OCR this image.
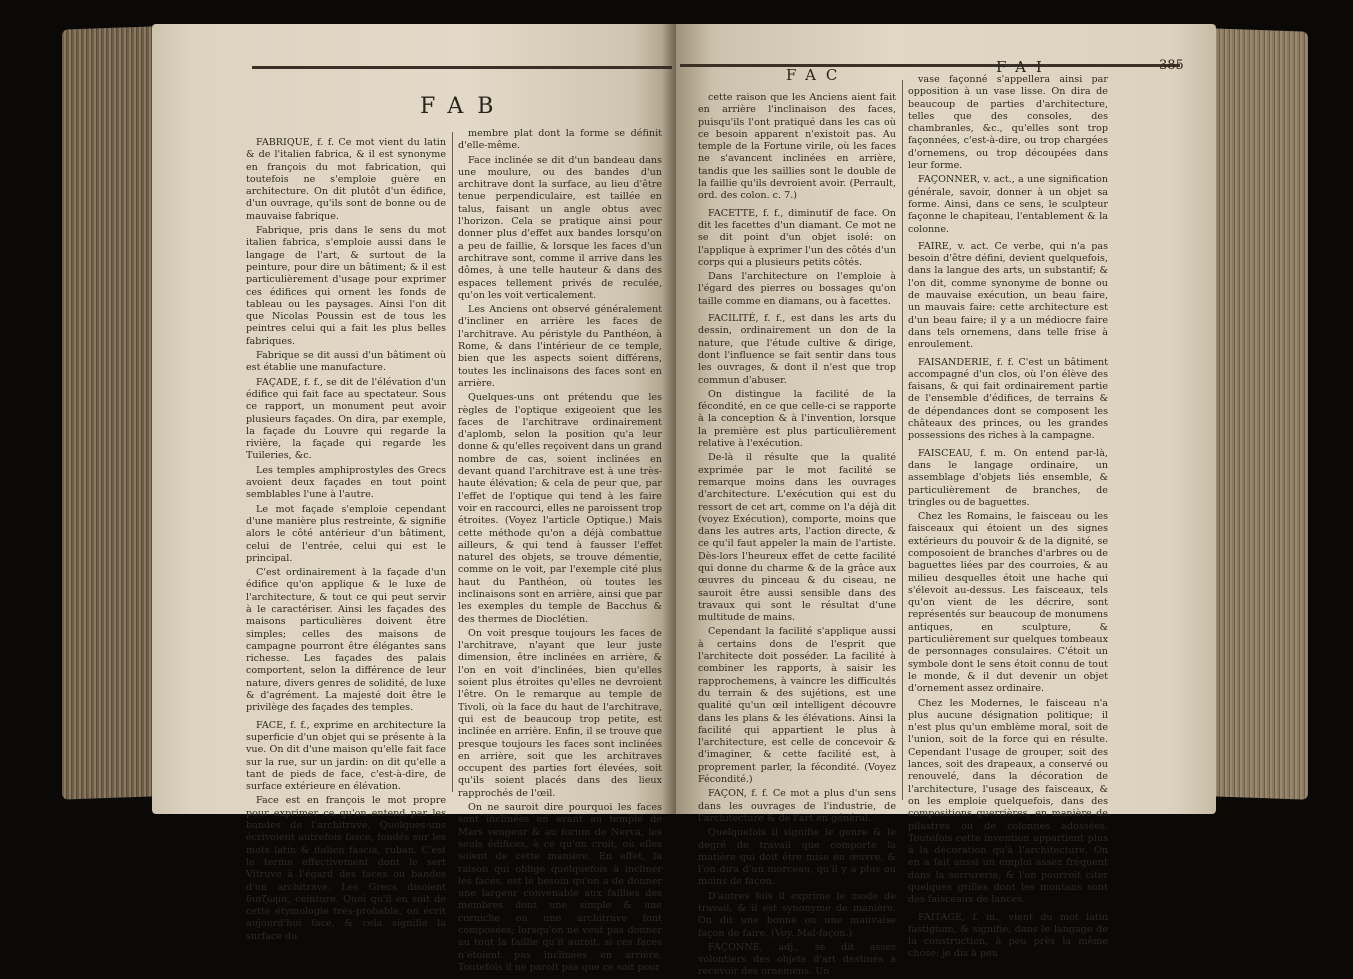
FAB

FABRIQUE, f. f. Ce mot vient du latin & de l'italien fabrica, & il est synonyme en françois du mot fabrication, qui toutefois ne s'emploie guère en architecture. On dit plutôt d'un édifice, d'un ouvrage, qu'ils sont de bonne ou de mauvaise fabrique.

Fabrique, pris dans le sens du mot italien fabrica, s'emploie aussi dans le langage de l'art, & surtout de la peinture, pour dire un bâtiment; & il est particulièrement d'usage pour exprimer ces édifices qui ornent les fonds de tableau ou les paysages. Ainsi l'on dit que Nicolas Poussin est de tous les peintres celui qui a fait les plus belles fabriques.

Fabrique se dit aussi d'un bâtiment où est établie une manufacture.

FAÇADE, f. f., se dit de l'élévation d'un édifice qui fait face au spectateur. Sous ce rapport, un monument peut avoir plusieurs façades. On dira, par exemple, la façade du Louvre qui regarde la rivière, la façade qui regarde les Tuileries, &c.

Les temples amphiprostyles des Grecs avoient deux façades en tout point semblables l'une à l'autre.

Le mot façade s'emploie cependant d'une manière plus restreinte, & signifie alors le côté antérieur d'un bâtiment, celui de l'entrée, celui qui est le principal.

C'est ordinairement à la façade d'un édifice qu'on applique & le luxe de l'architecture, & tout ce qui peut servir à le caractériser. Ainsi les façades des maisons particulières doivent être simples; celles des maisons de campagne pourront être élégantes sans richesse. Les façades des palais comportent, selon la différence de leur nature, divers genres de solidité, de luxe & d'agrément. La majesté doit être le privilège des façades des temples.

FACE, f. f., exprime en architecture la superficie d'un objet qui se présente à la vue. On dit d'une maison qu'elle fait face sur la rue, sur un jardin: on dit qu'elle a tant de pieds de face, c'est-à-dire, de surface extérieure en élévation.

Face est en françois le mot propre pour exprimer ce qu'on entend par les bandes de l'architrave. Quelques-uns écrivoient autrefois fasce, fondés sur les mots latin & italien fascia, ruban. C'est le terme effectivement dont le sert Vitruve à l'égard des faces ou bandes d'un architrave. Les Grecs disoient διαζωμα, ceinture. Quoi qu'il en soit de cette étymologie très-probable, on écrit aujourd'hui face, & cela signifie la surface du

membre plat dont la forme se définit d'elle-même.

Face inclinée se dit d'un bandeau dans une moulure, ou des bandes d'un architrave dont la surface, au lieu d'être tenue perpendiculaire, est taillée en talus, faisant un angle obtus avec l'horizon. Cela se pratique ainsi pour donner plus d'effet aux bandes lorsqu'on a peu de faillie, & lorsque les faces d'un architrave sont, comme il arrive dans les dômes, à une telle hauteur & dans des espaces tellement privés de reculée, qu'on les voit verticalement.

Les Anciens ont observé généralement d'incliner en arrière les faces de l'architrave. Au péristyle du Panthéon, à Rome, & dans l'intérieur de ce temple, bien que les aspects soient différens, toutes les inclinaisons des faces sont en arrière.

Quelques-uns ont prétendu que les règles de l'optique exigeoient que les faces de l'architrave ordinairement d'aplomb, selon la position qu'a leur donne & qu'elles reçoivent dans un grand nombre de cas, soient inclinées en devant quand l'architrave est à une très-haute élévation; & cela de peur que, par l'effet de l'optique qui tend à les faire voir en raccourci, elles ne paroissent trop étroites. (Voyez l'article Optique.) Mais cette méthode qu'on a déjà combattue ailleurs, & qui tend à fausser l'effet naturel des objets, se trouve démentie, comme on le voit, par l'exemple cité plus haut du Panthéon, où toutes les inclinaisons sont en arrière, ainsi que par les exemples du temple de Bacchus & des thermes de Dioclétien.

On voit presque toujours les faces de l'architrave, n'ayant que leur juste dimension, être inclinées en arrière, & l'on en voit d'inclinées, bien qu'elles soient plus étroites qu'elles ne devroient l'être. On le remarque au temple de Tivoli, où la face du haut de l'architrave, qui est de beaucoup trop petite, est inclinée en arrière. Enfin, il se trouve que presque toujours les faces sont inclinées en arrière, soit que les architraves occupent des parties fort élevées, soit qu'ils soient placés dans des lieux rapprochés de l'œil.

On ne sauroit dire pourquoi les faces sont inclinées en avant au temple de Mars vengeur & au forum de Nerva, les seuls édifices, à ce qu'on croit, où elles soient de cette manière. En effet, la raison qui oblige quelquefois à incliner les faces, est le besoin qu'on a de donner une largeur convenable aux faillies des membres dont une simple & une corniche ou une architrave font composées; lorsqu'on ne veut pas donner au tout la faillie qu'il auroit, si ces faces n'étoient pas inclinées en arrière. Toutefois il ne paroît pas que ce soit pour

FAC	FAI	385

cette raison que les Anciens aient fait en arrière l'inclinaison des faces, puisqu'ils l'ont pratiqué dans les cas où ce besoin apparent n'existoit pas. Au temple de la Fortune virile, où les faces ne s'avancent inclinées en arrière, tandis que les saillies sont le double de la faillie qu'ils devroient avoir. (Perrault, ord. des colon. c. 7.)

FACETTE, f. f., diminutif de face. On dit les facettes d'un diamant. Ce mot ne se dit point d'un objet isolé: on l'applique à exprimer l'un des côtés d'un corps qui a plusieurs petits côtés.

Dans l'architecture on l'emploie à l'égard des pierres ou bossages qu'on taille comme en diamans, ou à facettes.

FACILITÉ, f. f., est dans les arts du dessin, ordinairement un don de la nature, que l'étude cultive & dirige, dont l'influence se fait sentir dans tous les ouvrages, & dont il n'est que trop commun d'abuser.

On distingue la facilité de la fécondité, en ce que celle-ci se rapporte à la conception & à l'invention, lorsque la première est plus particulièrement relative à l'exécution.

De-là il résulte que la qualité exprimée par le mot facilité se remarque moins dans les ouvrages d'architecture. L'exécution qui est du ressort de cet art, comme on l'a déjà dit (voyez Exécution), comporte, moins que dans les autres arts, l'action directe, & ce qu'il faut appeler la main de l'artiste. Dès-lors l'heureux effet de cette facilité qui donne du charme & de la grâce aux œuvres du pinceau & du ciseau, ne sauroit être aussi sensible dans des travaux qui sont le résultat d'une multitude de mains.

Cependant la facilité s'applique aussi à certains dons de l'esprit que l'architecte doit posséder. La facilité à combiner les rapports, à saisir les rapprochemens, à vaincre les difficultés du terrain & des sujétions, est une qualité qu'un œil intelligent découvre dans les plans & les élévations. Ainsi la facilité qui appartient le plus à l'architecture, est celle de concevoir & d'imaginer, & cette facilité est, à proprement parler, la fécondité. (Voyez Fécondité.)

FAÇON, f. f. Ce mot a plus d'un sens dans les ouvrages de l'industrie, de l'architecture & de l'art en général.

Quelquefois il signifie le genre & le degré de travail que comporte la matière qui doit être mise en œuvre, & l'on dira d'un morceau, qu'il y a plus ou moins de façon.

D'autres fois il exprime le mode de travail, & il est synonyme de manière. On dit une bonne ou une mauvaise façon de faire. (Voy. Mal-façon.)

FAÇONNÉ, adj., se dit assez volontiers des objets d'art destinés à recevoir des ornemens. Un

vase façonné s'appellera ainsi par opposition à un vase lisse. On dira de beaucoup de parties d'architecture, telles que des consoles, des chambranles, &c., qu'elles sont trop façonnées, c'est-à-dire, ou trop chargées d'ornemens, ou trop découpées dans leur forme.

FAÇONNER, v. act., a une signification générale, savoir, donner à un objet sa forme. Ainsi, dans ce sens, le sculpteur façonne le chapiteau, l'entablement & la colonne.

FAIRE, v. act. Ce verbe, qui n'a pas besoin d'être défini, devient quelquefois, dans la langue des arts, un substantif; & l'on dit, comme synonyme de bonne ou de mauvaise exécution, un beau faire, un mauvais faire: cette architecture est d'un beau faire; il y a un médiocre faire dans tels ornemens, dans telle frise à enroulement.

FAISANDERIE, f. f. C'est un bâtiment accompagné d'un clos, où l'on élève des faisans, & qui fait ordinairement partie de l'ensemble d'édifices, de terrains & de dépendances dont se composent les châteaux des princes, ou les grandes possessions des riches à la campagne.

FAISCEAU, f. m. On entend par-là, dans le langage ordinaire, un assemblage d'objets liés ensemble, & particulièrement de branches, de tringles ou de baguettes.

Chez les Romains, le faisceau ou les faisceaux qui étoient un des signes extérieurs du pouvoir & de la dignité, se composoient de branches d'arbres ou de baguettes liées par des courroies, & au milieu desquelles étoit une hache qui s'élevoit au-dessus. Les faisceaux, tels qu'on vient de les décrire, sont représentés sur beaucoup de monumens antiques, en sculpture, & particulièrement sur quelques tombeaux de personnages consulaires. C'étoit un symbole dont le sens étoit connu de tout le monde, & il dut devenir un objet d'ornement assez ordinaire.

Chez les Modernes, le faisceau n'a plus aucune désignation politique; il n'est plus qu'un emblème moral, soit de l'union, soit de la force qui en résulte. Cependant l'usage de grouper, soit des lances, soit des drapeaux, a conservé ou renouvelé, dans la décoration de l'architecture, l'usage des faisceaux, & on les emploie quelquefois, dans des compositions guerrières, en manière de pilastres ou de colonnes adossées. Toutefois cette invention appartient plus à la décoration qu'à l'architecture. On en a fait aussi un emploi assez fréquent dans la serrurerie, & l'on pourroit citer quelques grilles dont les montans sont des faisceaux de lances.

FAITAGE, f. m., vient du mot latin fastigium, & signifie, dans le langage de la construction, à peu près la même chose: je dis à peu
